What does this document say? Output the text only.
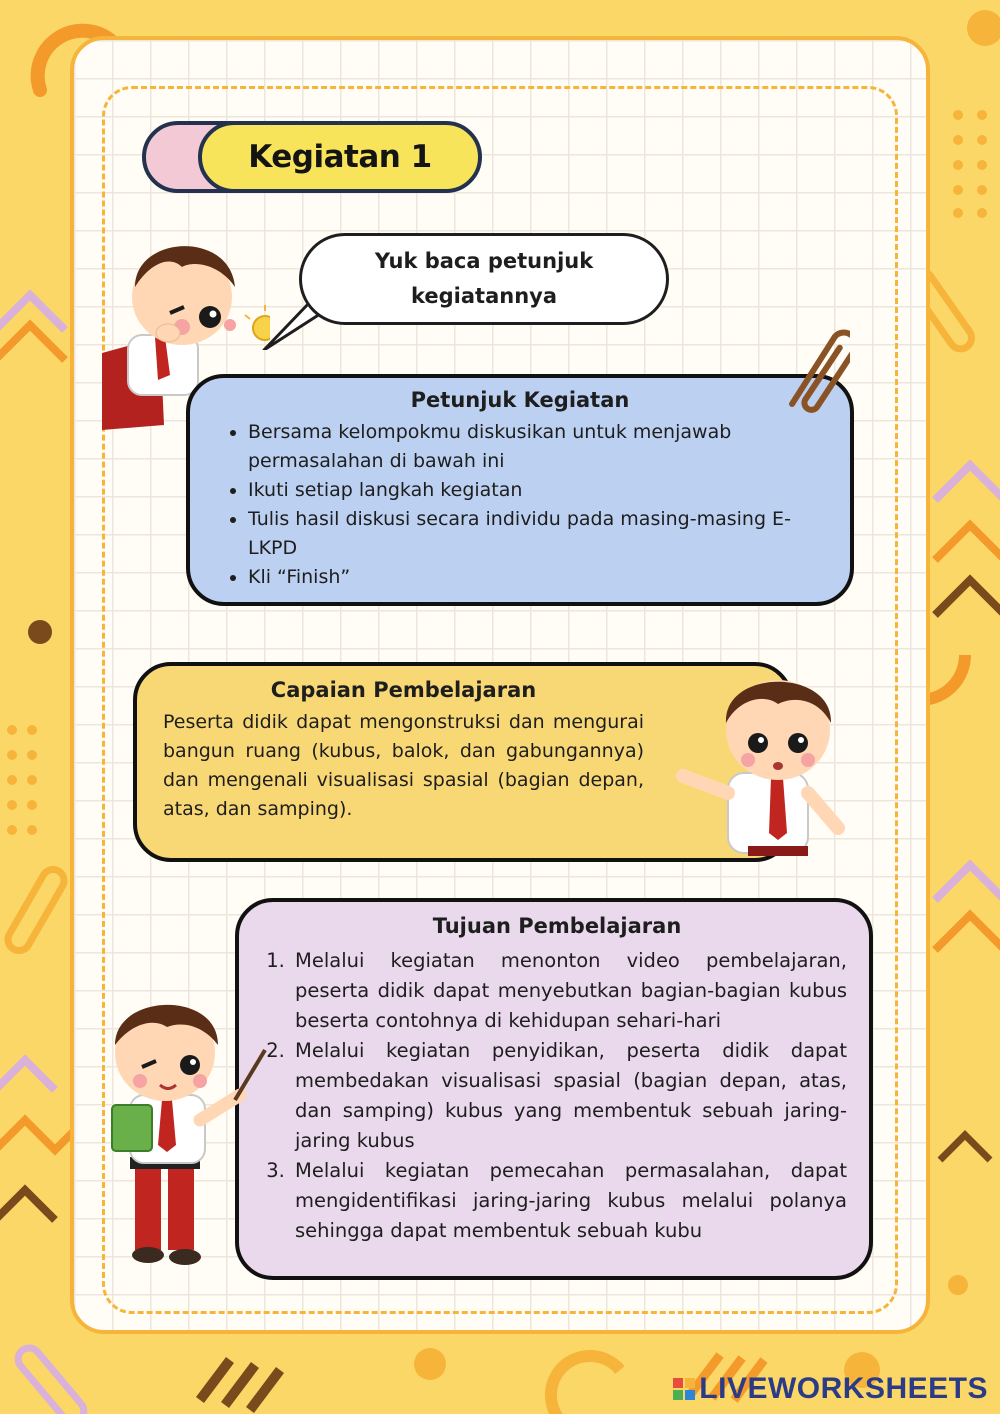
Kegiatan 1
Yuk baca petunjuk kegiatannya
Petunjuk Kegiatan
• Bersama kelompokmu diskusikan untuk menjawab permasalahan di bawah ini
• Ikuti setiap langkah kegiatan
• Tulis hasil diskusi secara individu pada masing-masing E-LKPD
• Kli “Finish”
Capaian Pembelajaran

Peserta didik dapat mengonstruksi dan mengurai bangun ruang (kubus, balok, dan gabungannya) dan mengenali visualisasi spasial (bagian depan, atas, dan samping).

Tujuan Pembelajaran
1. Melalui kegiatan menonton video pembelajaran, peserta didik dapat menyebutkan bagian-bagian kubus beserta contohnya di kehidupan sehari-hari
2. Melalui kegiatan penyidikan, peserta didik dapat membedakan visualisasi spasial (bagian depan, atas, dan samping) kubus yang membentuk sebuah jaring-jaring kubus
3. Melalui kegiatan pemecahan permasalahan, dapat mengidentifikasi jaring-jaring kubus melalui polanya sehingga dapat membentuk sebuah kubu
LIVEWORKSHEETS
